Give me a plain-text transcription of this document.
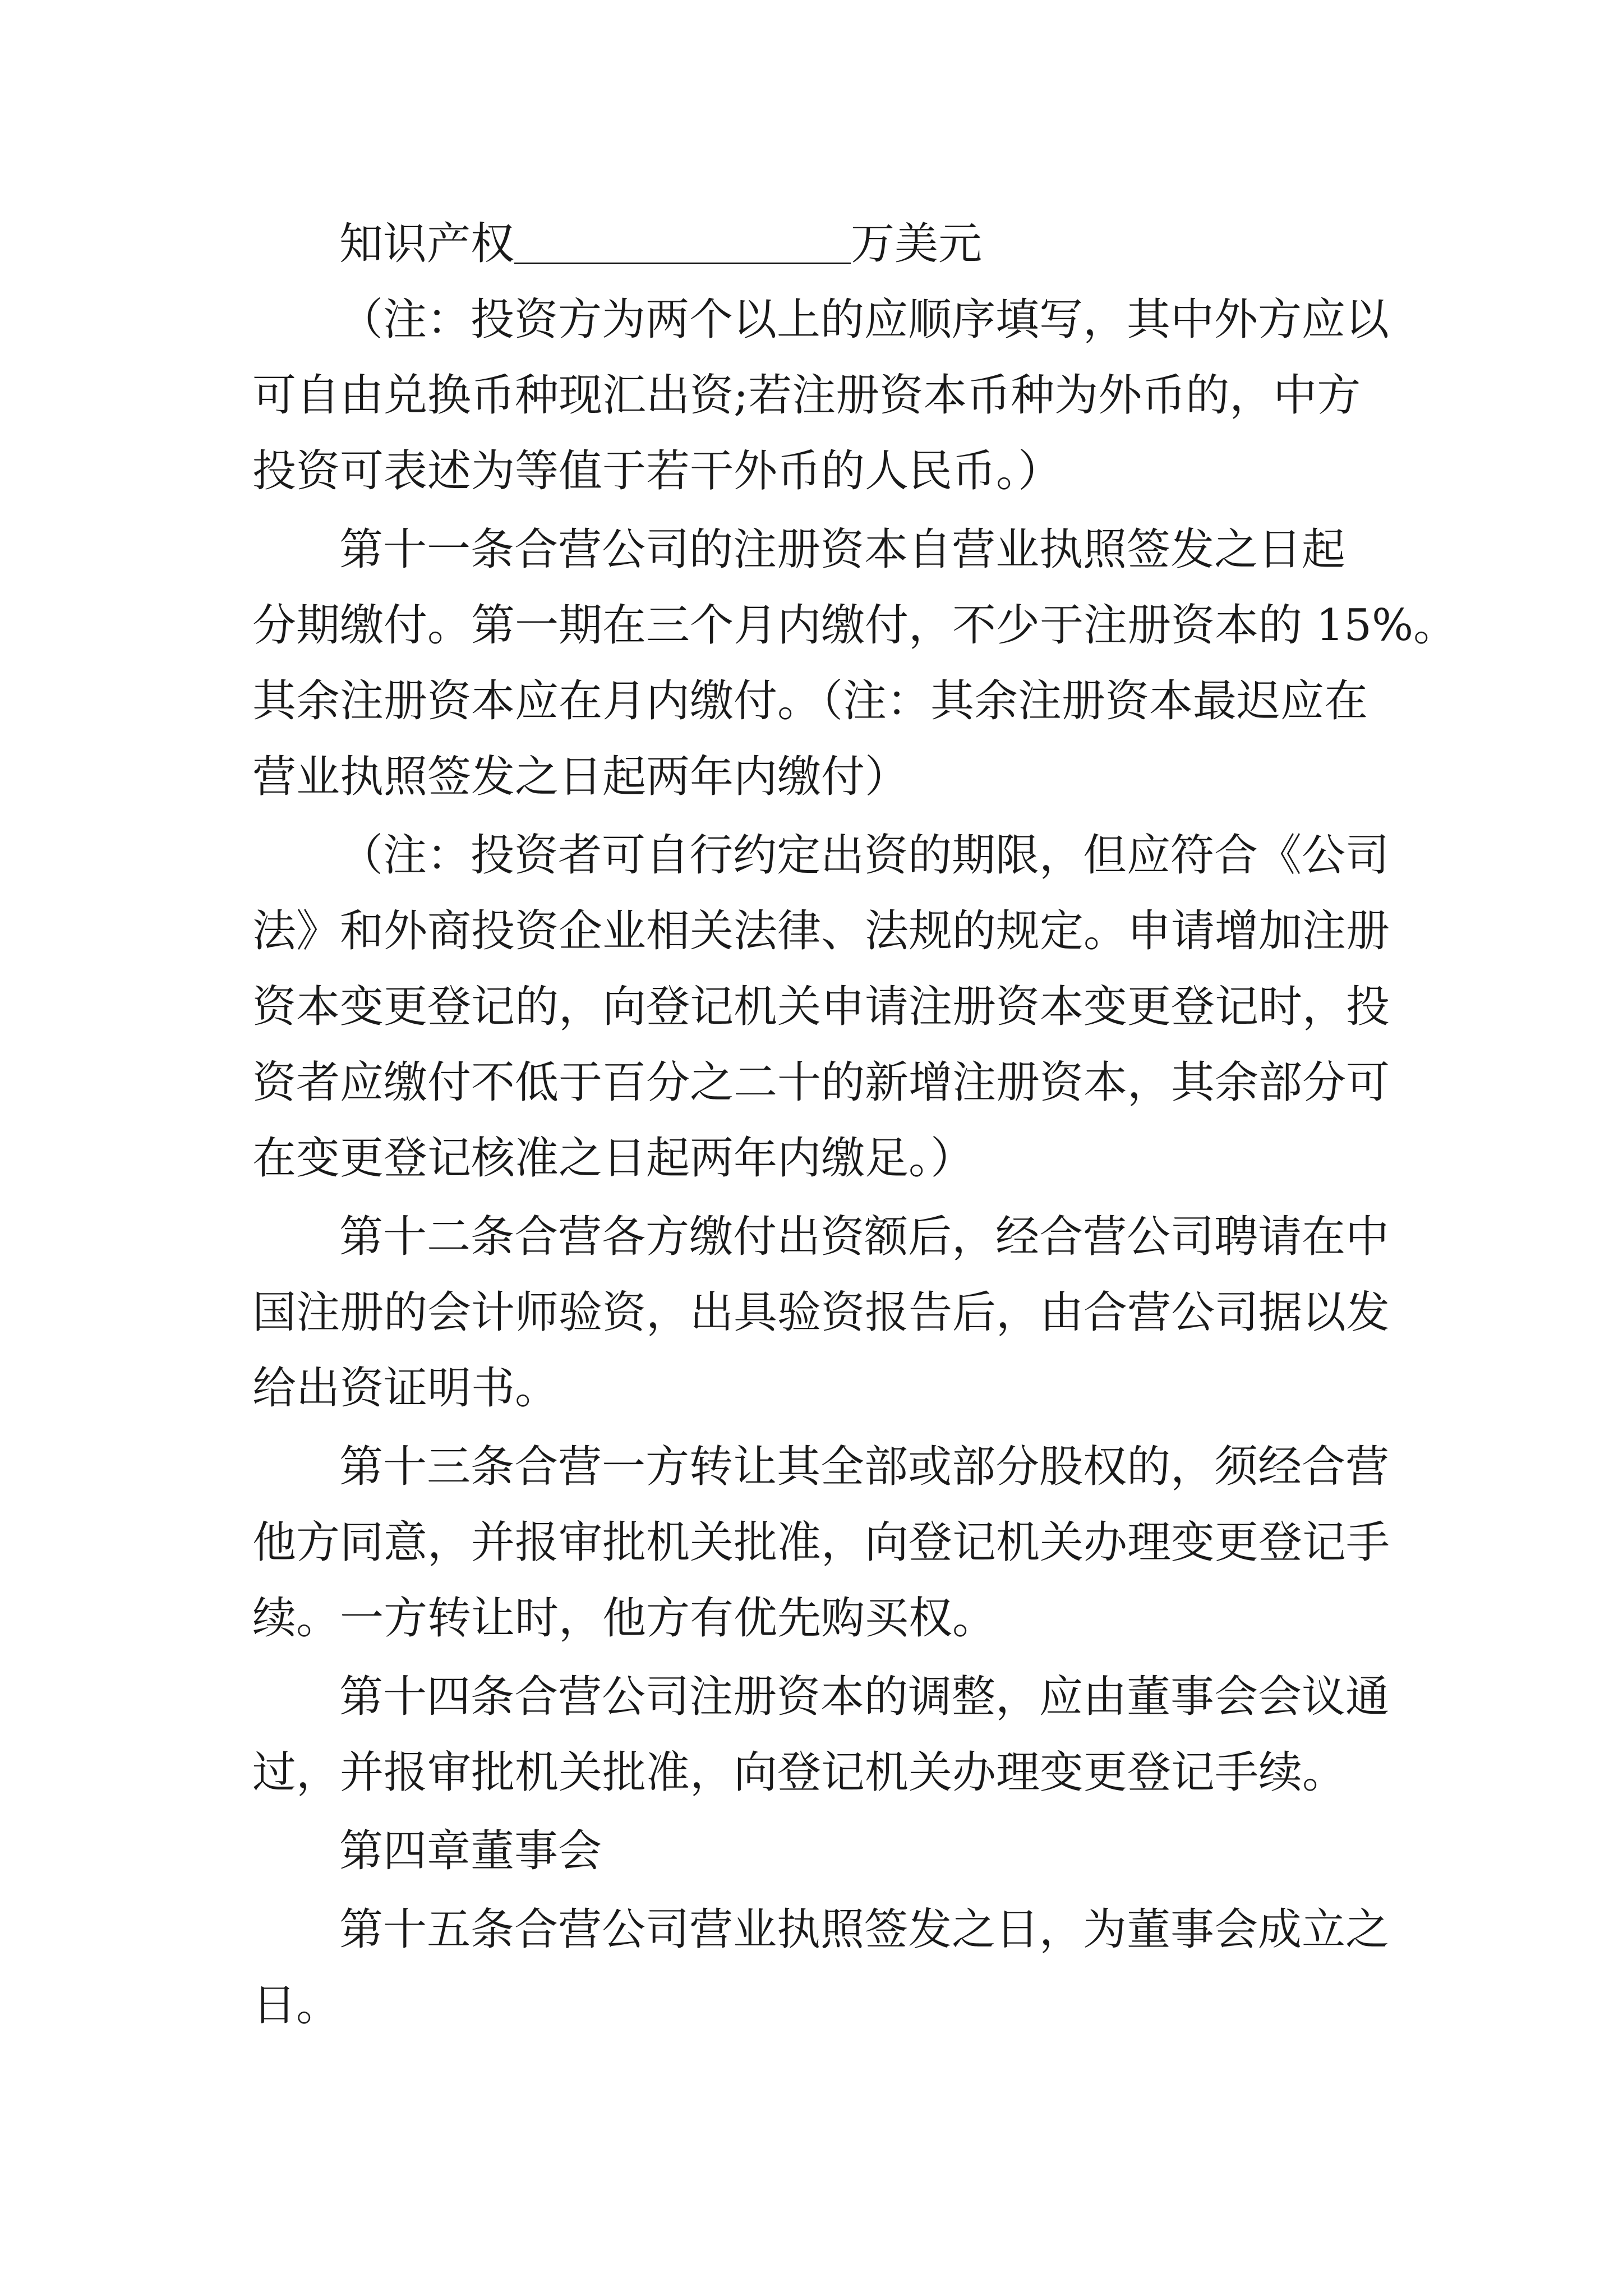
知识产权	万美元
（注：投资方为两个以上的应顺序填写，其中外方应以
可自由兑换币种现汇出资;若注册资本币种为外币的，中方
投资可表述为等值于若干外币的人民币。）
第十一条合营公司的注册资本自营业执照签发之日起
分期缴付。第一期在三个月内缴付，不少于注册资本的 15%。
其余注册资本应在月内缴付。（注：其余注册资本最迟应在
营业执照签发之日起两年内缴付）
（注：投资者可自行约定出资的期限，但应符合《公司
法》和外商投资企业相关法律、法规的规定。申请增加注册
资本变更登记的，向登记机关申请注册资本变更登记时，投
资者应缴付不低于百分之二十的新增注册资本，其余部分可
在变更登记核准之日起两年内缴足。）
第十二条合营各方缴付出资额后，经合营公司聘请在中
国注册的会计师验资，出具验资报告后，由合营公司据以发
给出资证明书。
第十三条合营一方转让其全部或部分股权的，须经合营
他方同意，并报审批机关批准，向登记机关办理变更登记手
续。一方转让时，他方有优先购买权。
第十四条合营公司注册资本的调整，应由董事会会议通
过，并报审批机关批准，向登记机关办理变更登记手续。
第四章董事会
第十五条合营公司营业执照签发之日，为董事会成立之
日。
